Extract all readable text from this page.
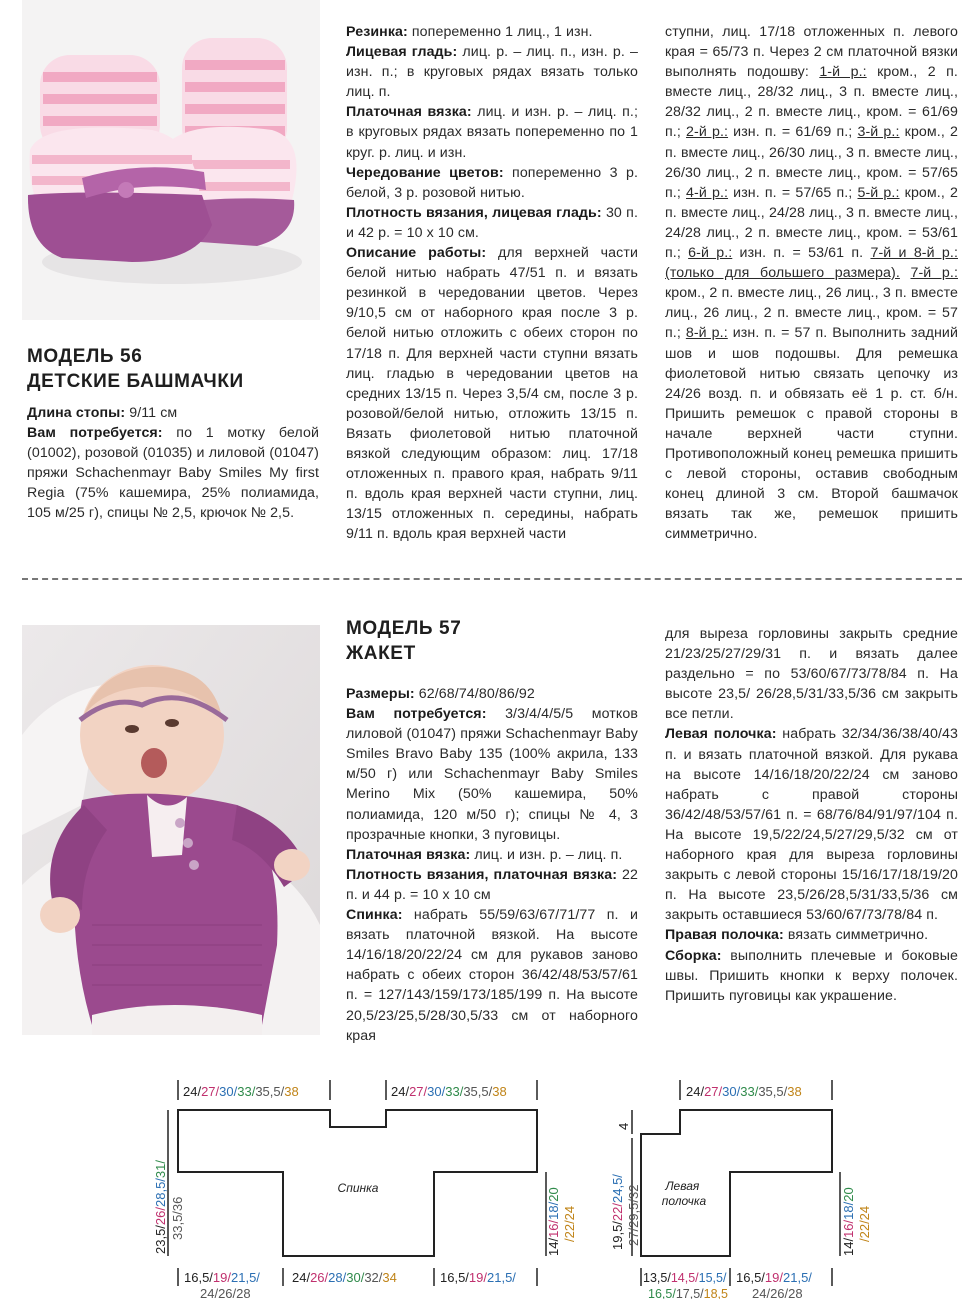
МОДЕЛЬ 56
ДЕТСКИЕ БАШМАЧКИ

Длина стопы: 9/11 см

Вам потребуется: по 1 мотку белой (01002), розовой (01035) и лиловой (01047) пряжи Schachenmayr Baby Smiles My first Regia (75% кашемира, 25% полиамида, 105 м/25 г), спицы № 2,5, крючок № 2,5.

Резинка: попеременно 1 лиц., 1 изн.

Лицевая гладь: лиц. р. – лиц. п., изн. р. – изн. п.; в круговых рядах вязать только лиц. п.

Платочная вязка: лиц. и изн. р. – лиц. п.; в круговых рядах вязать попеременно по 1 круг. р. лиц. и изн.

Чередование цветов: попеременно 3 р. белой, 3 р. розовой нитью.

Плотность вязания, лицевая гладь: 30 п. и 42 р. = 10 х 10 см.

Описание работы: для верхней части белой нитью набрать 47/51 п. и вязать резинкой в чередовании цветов. Через 9/10,5 см от наборного края после 3 р. белой нитью отложить с обеих сторон по 17/18 п. Для верхней части ступни вязать лиц. гладью в чередовании цветов на средних 13/15 п. Через 3,5/4 см, после 3 р. розовой/белой нитью, отложить 13/15 п. Вязать фиолетовой нитью платочной вязкой следующим образом: лиц. 17/18 отложенных п. правого края, набрать 9/11 п. вдоль края верхней части ступни, лиц. 13/15 отложенных п. середины, набрать 9/11 п. вдоль края верхней части

ступни, лиц. 17/18 отложенных п. левого края = 65/73 п. Через 2 см платочной вязки выполнять подошву: 1-й р.: кром., 2 п. вместе лиц., 28/32 лиц., 3 п. вместе лиц., 28/32 лиц., 2 п. вместе лиц., кром. = 61/69 п.; 2-й р.: изн. п. = 61/69 п.; 3-й р.: кром., 2 п. вместе лиц., 26/30 лиц., 3 п. вместе лиц., 26/30 лиц., 2 п. вместе лиц., кром. = 57/65 п.; 4-й р.: изн. п. = 57/65 п.; 5-й р.: кром., 2 п. вместе лиц., 24/28 лиц., 3 п. вместе лиц., 24/28 лиц., 2 п. вместе лиц., кром. = 53/61 п.; 6-й р.: изн. п. = 53/61 п. 7-й и 8-й р.: (только для большего размера). 7-й р.: кром., 2 п. вместе лиц., 26 лиц., 3 п. вместе лиц., 26 лиц., 2 п. вместе лиц., кром. = 57 п.; 8-й р.: изн. п. = 57 п. Выполнить задний шов и шов подошвы. Для ремешка фиолетовой нитью связать цепочку из 24/26 возд. п. и обвязать её 1 р. ст. б/н. Пришить ремешок с правой стороны в начале верхней части ступни. Противоположный конец ремешка пришить с левой стороны, оставив свободным конец длиной 3 см. Второй башмачок вязать так же, ремешок пришить симметрично.

МОДЕЛЬ 57
ЖАКЕТ

Размеры: 62/68/74/80/86/92

Вам потребуется: 3/3/4/4/5/5 мотков лиловой (01047) пряжи Schachenmayr Baby Smiles Bravo Baby 135 (100% акрила, 133 м/50 г) или Schachenmayr Baby Smiles Merino Mix (50% кашемира, 50% полиамида, 120 м/50 г); спицы № 4, 3 прозрачные кнопки, 3 пуговицы.

Платочная вязка: лиц. и изн. р. – лиц. п.

Плотность вязания, платочная вязка: 22 п. и 44 р. = 10 х 10 см

Спинка: набрать 55/59/63/67/71/77 п. и вязать платочной вязкой. На высоте 14/16/18/20/22/24 см для рукавов заново набрать с обеих сторон 36/42/48/53/57/61 п. = 127/143/159/173/185/199 п. На высоте 20,5/23/25,5/28/30,5/33 см от наборного края

для выреза горловины закрыть средние 21/23/25/27/29/31 п. и вязать далее раздельно = по 53/60/67/73/78/84 п. На высоте 23,5/ 26/28,5/31/33,5/36 см закрыть все петли.

Левая полочка: набрать 32/34/36/38/40/43 п. и вязать платочной вязкой. Для рукава на высоте 14/16/18/20/22/24 см заново набрать с правой стороны 36/42/48/53/57/61 п. = 68/76/84/91/97/104 п. На высоте 19,5/22/24,5/27/29,5/32 см от наборного края для выреза горловины закрыть с левой стороны 15/16/17/18/19/20 п. На высоте 23,5/26/28,5/31/33,5/36 см закрыть оставшиеся 53/60/67/73/78/84 п.

Правая полочка: вязать симметрично.

Сборка: выполнить плечевые и боковые швы. Пришить кнопки к верху полочек. Пришить пуговицы как украшение.

Спинка
24/27/30/33/35,5/38	24/27/30/33/35,5/38
23,5/26/28,5/31/
33,5/36
14/16/18/20
/22/24
16,5/19/21,5/ 24/26/28/30/32/34	16,5/19/21,5/
24/26/28
Левая полочка
24/27/30/33/35,5/38
4
19,5/22/24,5/ 27/29,5/32
14/16/18/20
/22/24
13,5/14,5/15,5/
16,5/17,5/18,5
16,5/19/21,5/
24/26/28
